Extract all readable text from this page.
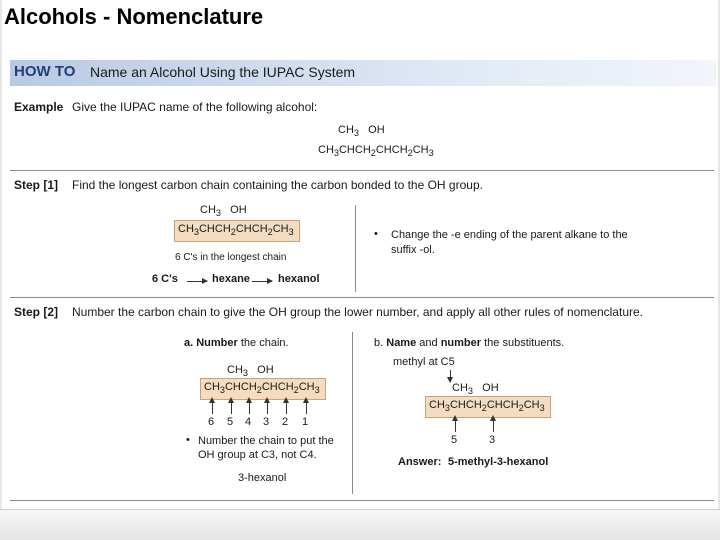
Alcohols - Nomenclature
HOW TO Name an Alcohol Using the IUPAC System
Example Give the IUPAC name of the following alcohol:
$CH_3$   OH
$CH_3CHCH_2CHCH_2CH_3$
Step [1] Find the longest carbon chain containing the carbon bonded to the OH group.
$CH_3$   OH
$CH_3CHCH_2CHCH_2CH_3$
6 C's in the longest chain
6 C's	hexane	hexanol
• Change the -e ending of the parent alkane to the suffix -ol.
Step [2] Number the carbon chain to give the OH group the lower number, and apply all other rules of nomenclature.
a. Number the chain.
$CH_3$   OH
$CH_3CHCH_2CHCH_2CH_3$
6 5 4 3 2 1
• Number the chain to put the OH group at C3, not C4.
3-hexanol
b. Name and number the substituents.
methyl at C5
$CH_3$   OH
$CH_3CHCH_2CHCH_2CH_3$
5	3
Answer: 5-methyl-3-hexanol
